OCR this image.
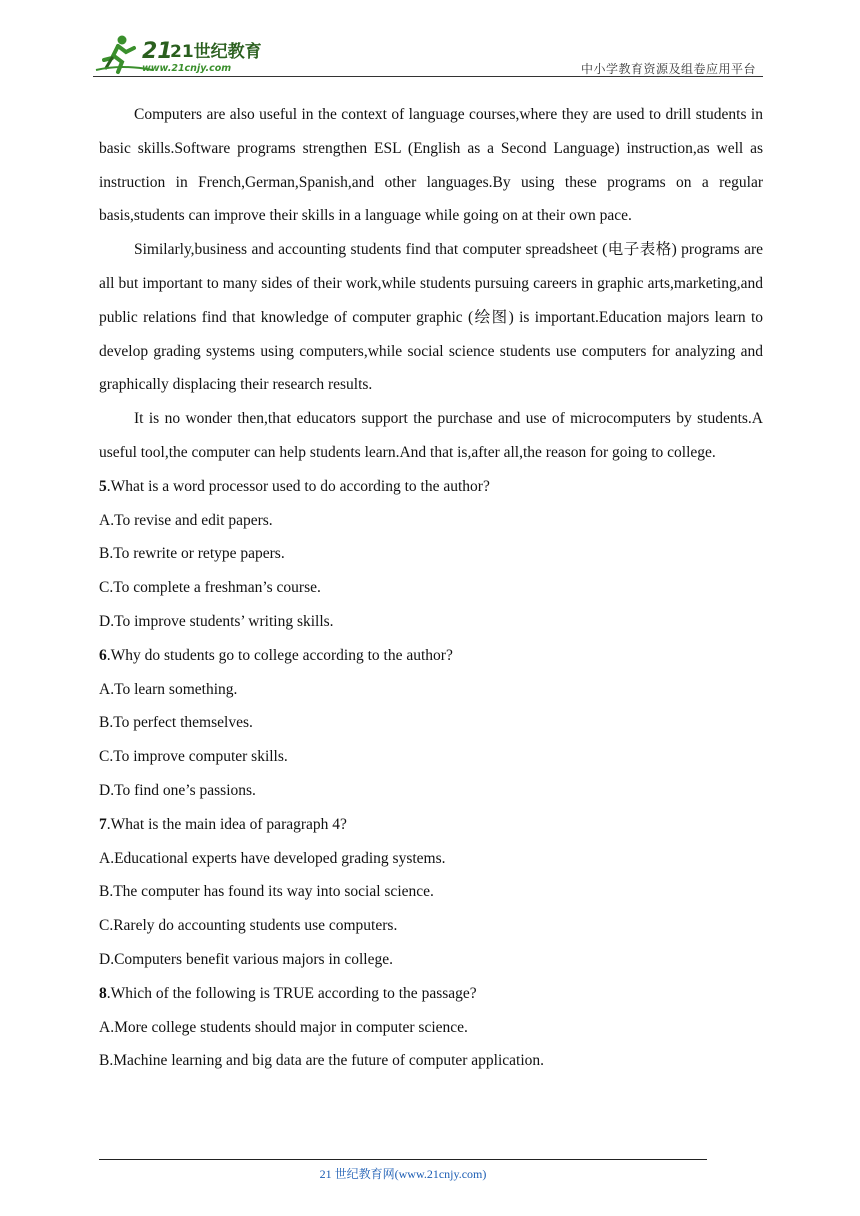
21
21世纪教育
www.21cnjy.com	中小学教育资源及组卷应用平台

Computers are also useful in the context of language courses,where they are used to drill students in basic skills.Software programs strengthen ESL (English as a Second Language) instruction,as well as instruction in French,German,Spanish,and other languages.By using these programs on a regular basis,students can improve their skills in a language while going on at their own pace.

Similarly,business and accounting students find that computer spreadsheet (电子表格) programs are all but important to many sides of their work,while students pursuing careers in graphic arts,marketing,and public relations find that knowledge of computer graphic (绘图) is important.Education majors learn to develop grading systems using computers,while social science students use computers for analyzing and graphically displacing their research results.

It is no wonder then,that educators support the purchase and use of microcomputers by students.A useful tool,the computer can help students learn.And that is,after all,the reason for going to college.

5.What is a word processor used to do according to the author?

A.To revise and edit papers.

B.To rewrite or retype papers.

C.To complete a freshman’s course.

D.To improve students’ writing skills.

6.Why do students go to college according to the author?

A.To learn something.

B.To perfect themselves.

C.To improve computer skills.

D.To find one’s passions.

7.What is the main idea of paragraph 4?

A.Educational experts have developed grading systems.

B.The computer has found its way into social science.

C.Rarely do accounting students use computers.

D.Computers benefit various majors in college.

8.Which of the following is TRUE according to the passage?

A.More college students should major in computer science.

B.Machine learning and big data are the future of computer application.

21 世纪教育网(www.21cnjy.com)
